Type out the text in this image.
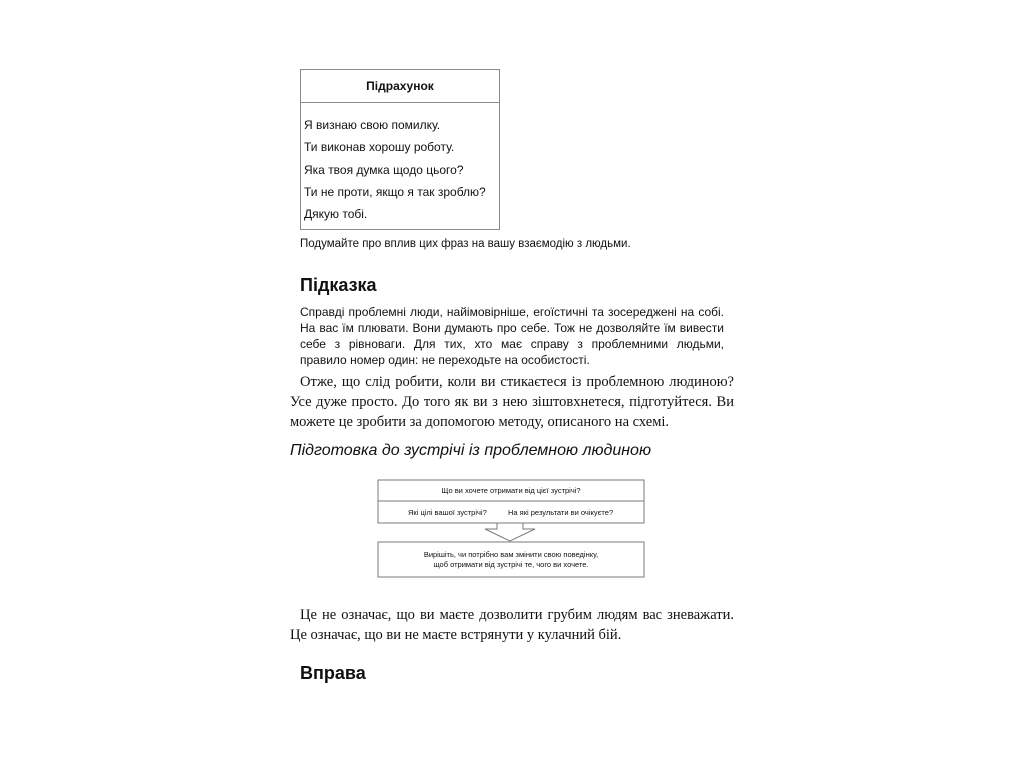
Підрахунок
Я визнаю свою помилку.
Ти виконав хорошу роботу.
Яка твоя думка щодо цього?
Ти не проти, якщо я так зроблю?
Дякую тобі.
Подумайте про вплив цих фраз на вашу взаємодію з людьми.
Підказка
Справді проблемні люди, найімовірніше, егоїстичні та зосереджені на собі.
На вас їм плювати. Вони думають про себе. Тож не дозволяйте їм вивести
себе з рівноваги. Для тих, хто має справу з проблемними людьми,
правило номер один: не переходьте на особистості.

Отже, що слід робити, коли ви стикаєтеся із проблемною людиною? Усе дуже просто. До того як ви з нею зіштовхнетеся, підготуйтеся. Ви можете це зробити за допомогою методу, описаного на схемі.

Підготовка до зустрічі із проблемною людиною

Що ви хочете отримати від цієї зустрічі?
Які цілі вашої зустрічі?	На які результати ви очікуєте?
Вирішіть, чи потрібно вам змінити свою поведінку,
щоб отримати від зустрічі те, чого ви хочете.

Це не означає, що ви маєте дозволити грубим людям вас зневажати. Це означає, що ви не маєте встрянути у кулачний бій.

Вправа
